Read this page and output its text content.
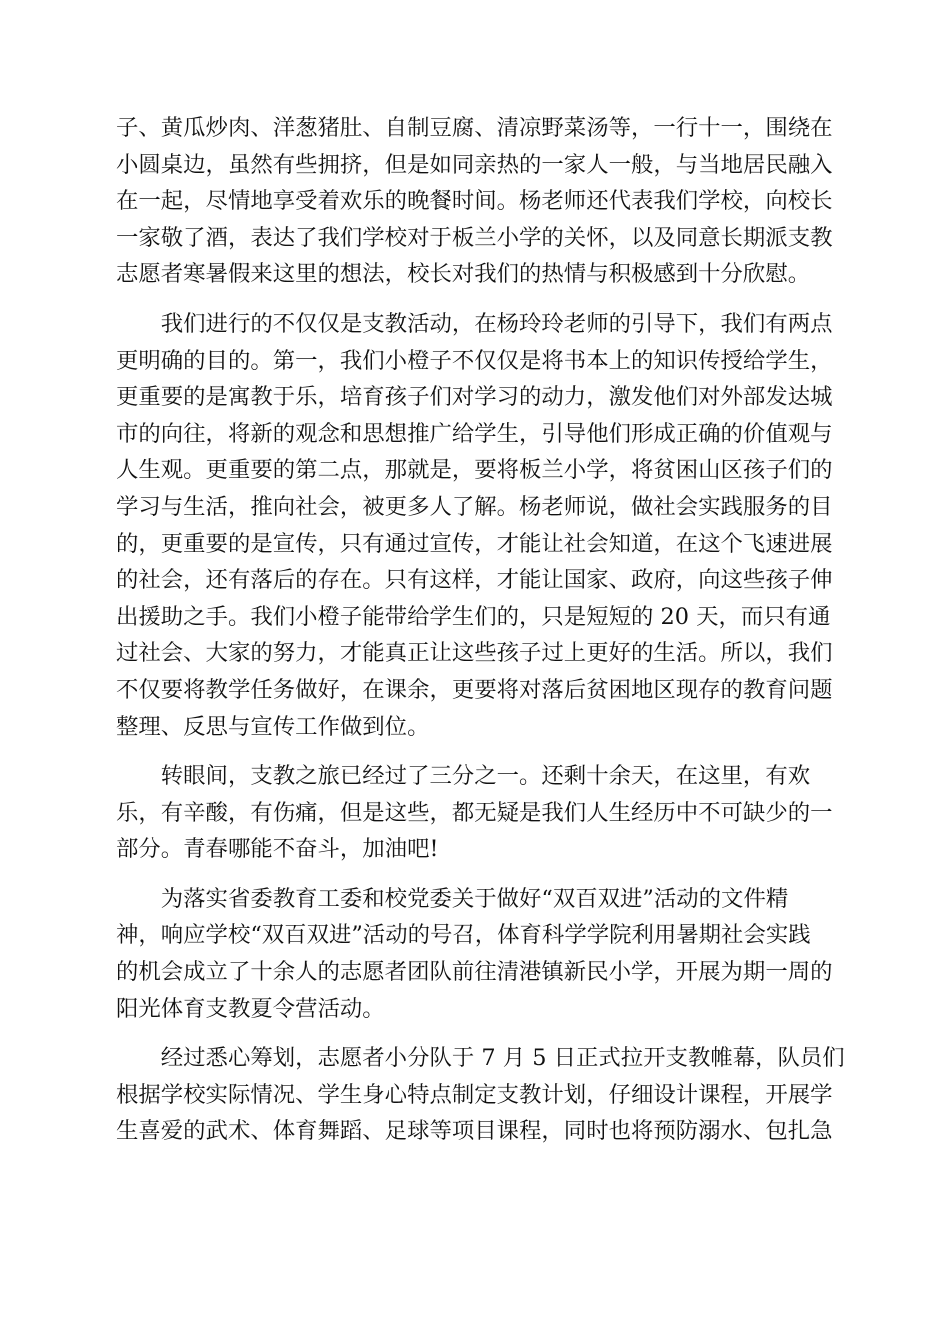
子、黄瓜炒肉、洋葱猪肚、自制豆腐、清凉野菜汤等，一行十一，围绕在
小圆桌边，虽然有些拥挤，但是如同亲热的一家人一般，与当地居民融入
在一起，尽情地享受着欢乐的晚餐时间。杨老师还代表我们学校，向校长
一家敬了酒，表达了我们学校对于板兰小学的关怀，以及同意长期派支教
志愿者寒暑假来这里的想法，校长对我们的热情与积极感到十分欣慰。

　　我们进行的不仅仅是支教活动，在杨玲玲老师的引导下，我们有两点
更明确的目的。第一，我们小橙子不仅仅是将书本上的知识传授给学生，
更重要的是寓教于乐，培育孩子们对学习的动力，激发他们对外部发达城
市的向往，将新的观念和思想推广给学生，引导他们形成正确的价值观与
人生观。更重要的第二点，那就是，要将板兰小学，将贫困山区孩子们的
学习与生活，推向社会，被更多人了解。杨老师说，做社会实践服务的目
的，更重要的是宣传，只有通过宣传，才能让社会知道，在这个飞速进展
的社会，还有落后的存在。只有这样，才能让国家、政府，向这些孩子伸
出援助之手。我们小橙子能带给学生们的，只是短短的 20 天，而只有通
过社会、大家的努力，才能真正让这些孩子过上更好的生活。所以，我们
不仅要将教学任务做好，在课余，更要将对落后贫困地区现存的教育问题
整理、反思与宣传工作做到位。

　　转眼间，支教之旅已经过了三分之一。还剩十余天，在这里，有欢
乐，有辛酸，有伤痛，但是这些，都无疑是我们人生经历中不可缺少的一
部分。青春哪能不奋斗，加油吧!

　　为落实省委教育工委和校党委关于做好“双百双进”活动的文件精
神，响应学校“双百双进”活动的号召，体育科学学院利用暑期社会实践
的机会成立了十余人的志愿者团队前往清港镇新民小学，开展为期一周的
阳光体育支教夏令营活动。

　　经过悉心筹划，志愿者小分队于 7 月 5 日正式拉开支教帷幕，队员们
根据学校实际情况、学生身心特点制定支教计划，仔细设计课程，开展学
生喜爱的武术、体育舞蹈、足球等项目课程，同时也将预防溺水、包扎急
